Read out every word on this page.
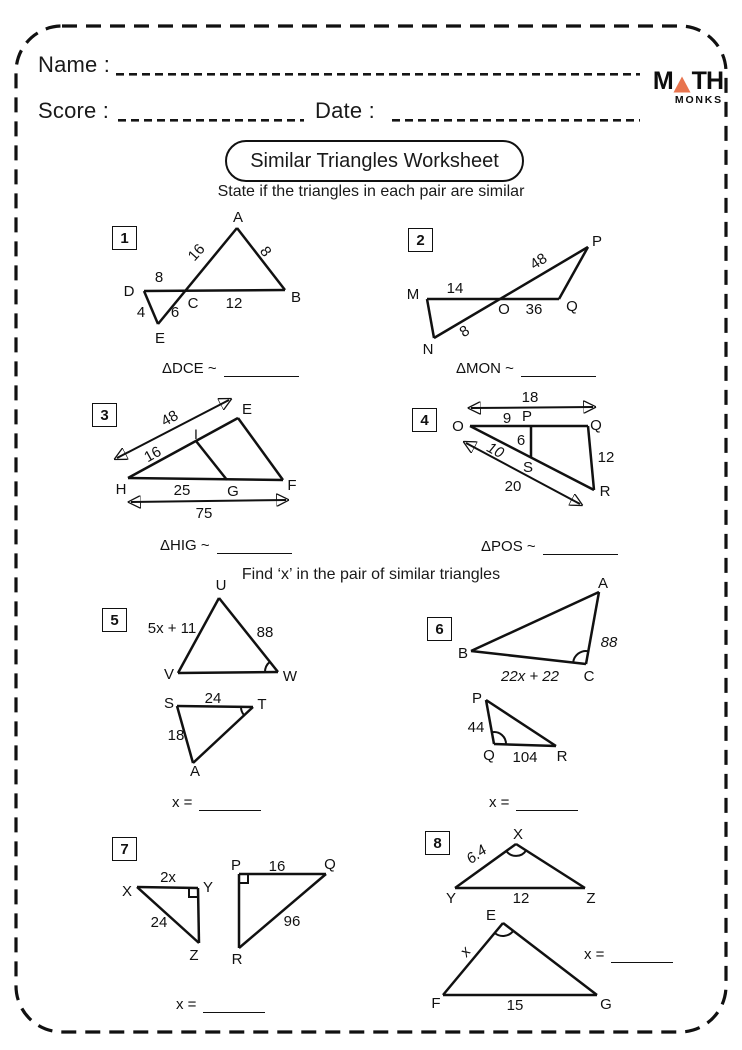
Name :
Score :	Date :
M TH
MONKS
Similar Triangles Worksheet
State if the triangles in each pair are similar
1
A
B
C
D
E
16	8
8
12
4 6
ΔDCE ~
2	P
M
O	Q
N
14
48
36
8
ΔMON ~
3	E
H	F
G
I
48
16
25
75
ΔHIG ~
4
18
9 P
O	Q
6
10
S
12
20	R
ΔPOS ~
Find ‘x’ in the pair of similar triangles
5
U
V	W
5x + 11	88
S	T
A
24
18
x =
6
A
B
C
88
22x + 22
P
Q	R
44
104
x =
7
X	Y
Z
2x
24
P	Q
R
16
96
x =
8	X
Y	Z
6.4
12
E
F	G
x
15
x =
